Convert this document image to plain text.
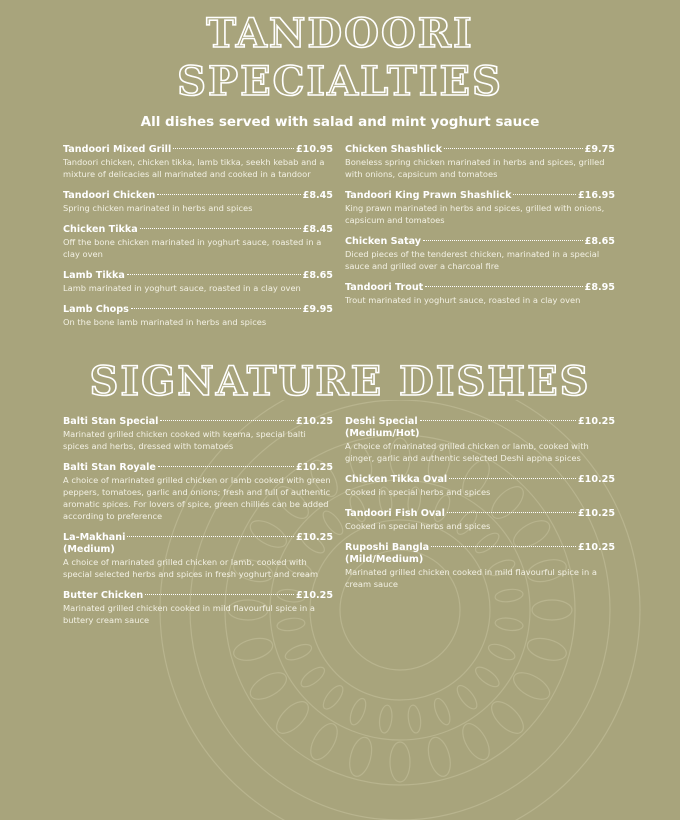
TANDOORI
SPECIALTIES
All dishes served with salad and mint yoghurt sauce
Tandoori Mixed Grill	£10.95
Tandoori chicken, chicken tikka, lamb tikka, seekh kebab and a mixture of delicacies all marinated and cooked in a tandoor
Tandoori Chicken	£8.45
Spring chicken marinated in herbs and spices
Chicken Tikka	£8.45
Off the bone chicken marinated in yoghurt sauce, roasted in a clay oven
Lamb Tikka	£8.65
Lamb marinated in yoghurt sauce, roasted in a clay oven
Lamb Chops	£9.95
On the bone lamb marinated in herbs and spices
Chicken Shashlick	£9.75
Boneless spring chicken marinated in herbs and spices, grilled with onions, capsicum and tomatoes
Tandoori King Prawn Shashlick	£16.95
King prawn marinated in herbs and spices, grilled with onions, capsicum and tomatoes
Chicken Satay	£8.65
Diced pieces of the tenderest chicken, marinated in a special sauce and grilled over a charcoal fire
Tandoori Trout	£8.95
Trout marinated in yoghurt sauce, roasted in a clay oven
SIGNATURE DISHES
Balti Stan Special	£10.25
Marinated grilled chicken cooked with keema, special balti spices and herbs, dressed with tomatoes
Balti Stan Royale	£10.25
A choice of marinated grilled chicken or lamb cooked with green peppers, tomatoes, garlic and onions; fresh and full of authentic aromatic spices. For lovers of spice, green chillies can be added according to preference
La-Makhani	£10.25
(Medium)
A choice of marinated grilled chicken or lamb, cooked with special selected herbs and spices in fresh yoghurt and cream
Butter Chicken	£10.25
Marinated grilled chicken cooked in mild flavourful spice in a buttery cream sauce
Deshi Special	£10.25
(Medium/Hot)
A choice of marinated grilled chicken or lamb, cooked with ginger, garlic and authentic selected Deshi appna spices
Chicken Tikka Oval	£10.25
Cooked in special herbs and spices
Tandoori Fish Oval	£10.25
Cooked in special herbs and spices
Ruposhi Bangla	£10.25
(Mild/Medium)
Marinated grilled chicken cooked in mild flavourful spice in a cream sauce
